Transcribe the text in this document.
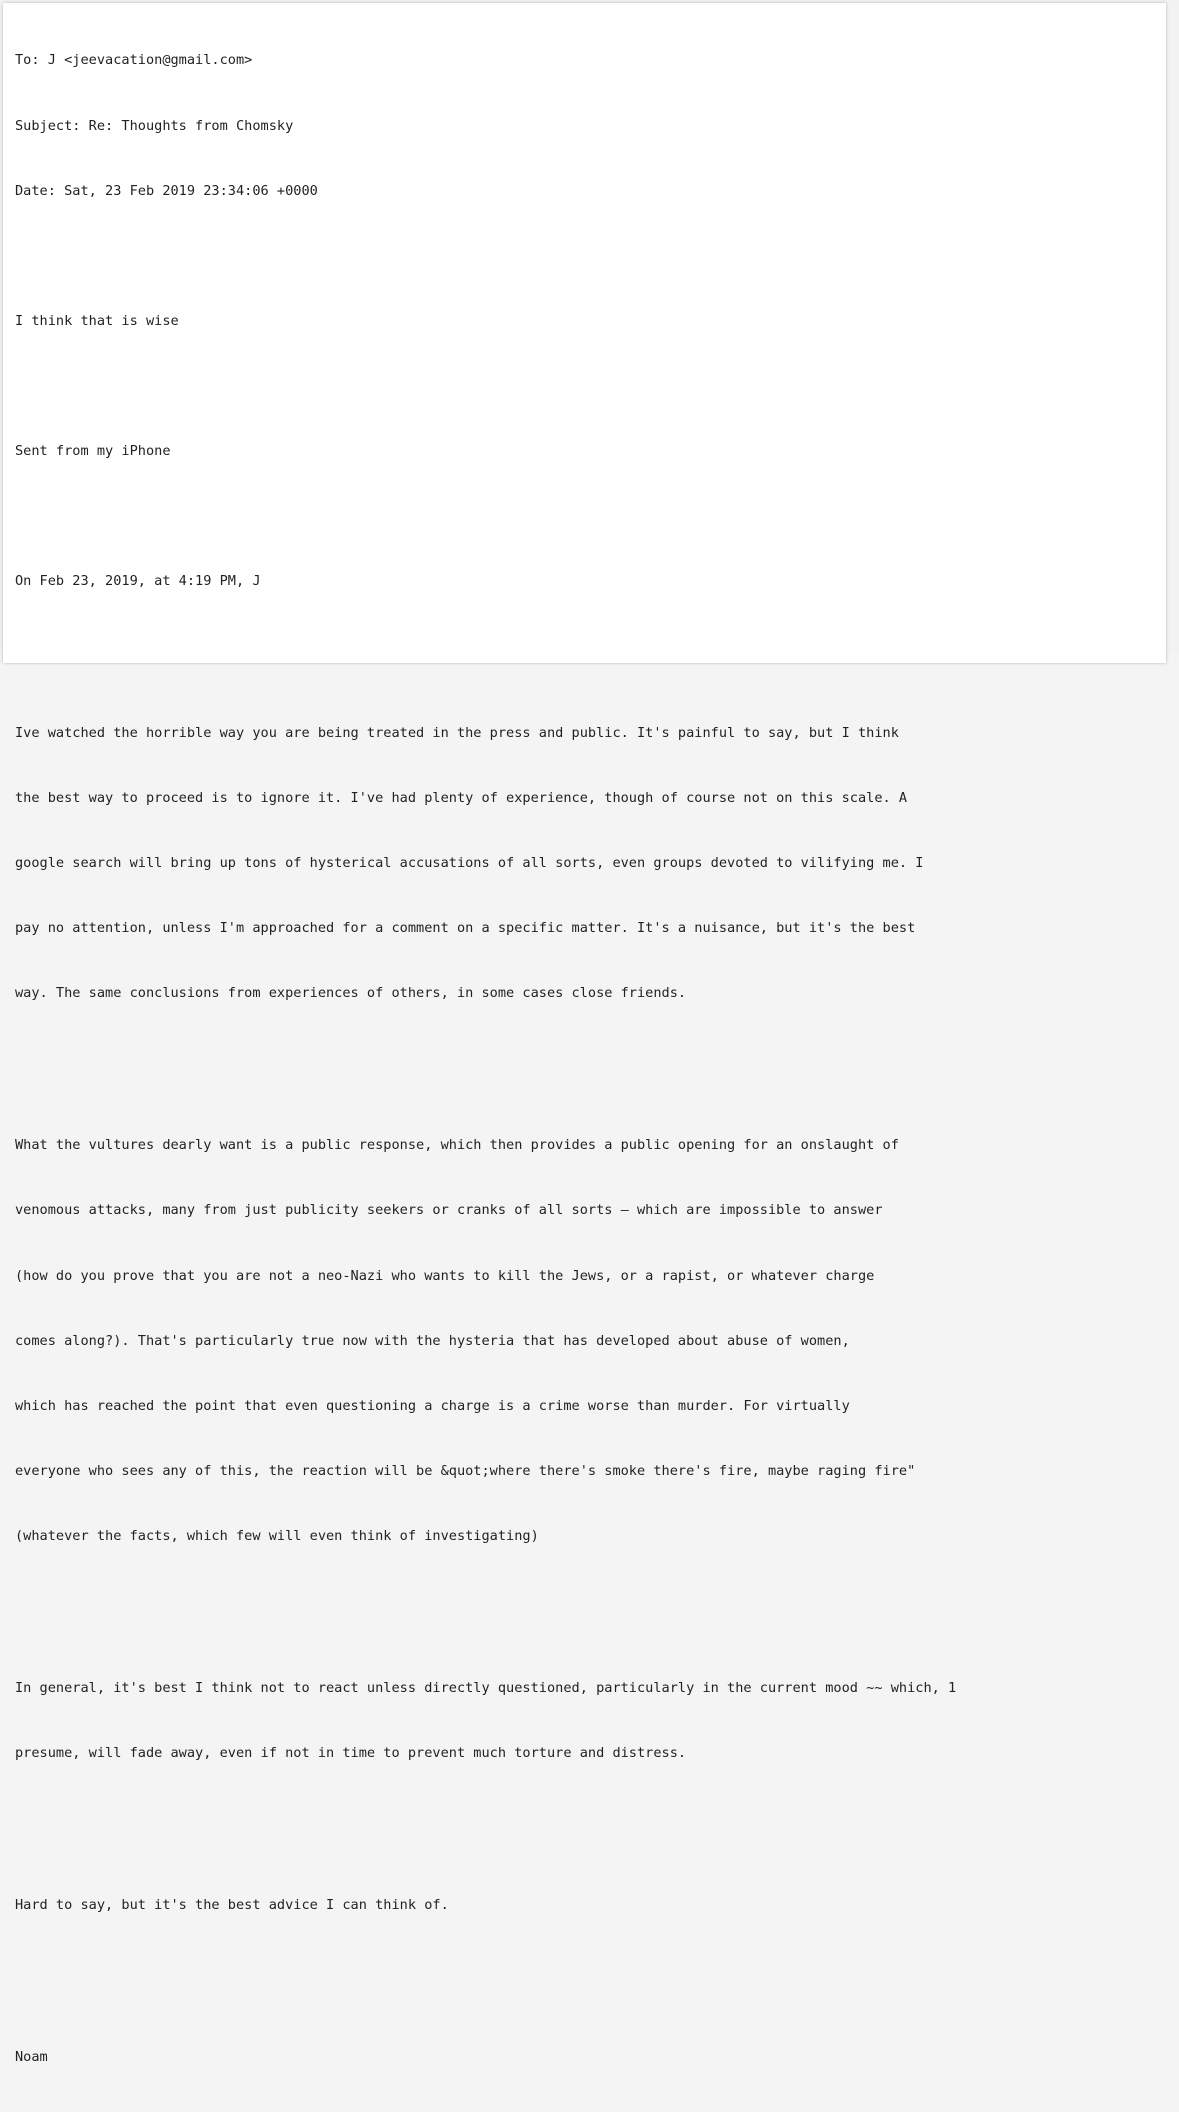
To: J <jeevacation@gmail.com>

Subject: Re: Thoughts from Chomsky

Date: Sat, 23 Feb 2019 23:34:06 +0000

I think that is wise

Sent from my iPhone

On Feb 23, 2019, at 4:19 PM, J

Ive watched the horrible way you are being treated in the press and public. It's painful to say, but I think

the best way to proceed is to ignore it. I've had plenty of experience, though of course not on this scale. A

google search will bring up tons of hysterical accusations of all sorts, even groups devoted to vilifying me. I

pay no attention, unless I'm approached for a comment on a specific matter. It's a nuisance, but it's the best

way. The same conclusions from experiences of others, in some cases close friends.

What the vultures dearly want is a public response, which then provides a public opening for an onslaught of

venomous attacks, many from just publicity seekers or cranks of all sorts – which are impossible to answer

(how do you prove that you are not a neo-Nazi who wants to kill the Jews, or a rapist, or whatever charge

comes along?). That's particularly true now with the hysteria that has developed about abuse of women,

which has reached the point that even questioning a charge is a crime worse than murder. For virtually

everyone who sees any of this, the reaction will be &quot;where there's smoke there's fire, maybe raging fire"

(whatever the facts, which few will even think of investigating)

In general, it's best I think not to react unless directly questioned, particularly in the current mood ~~ which, 1

presume, will fade away, even if not in time to prevent much torture and distress.

Hard to say, but it's the best advice I can think of.

Noam
